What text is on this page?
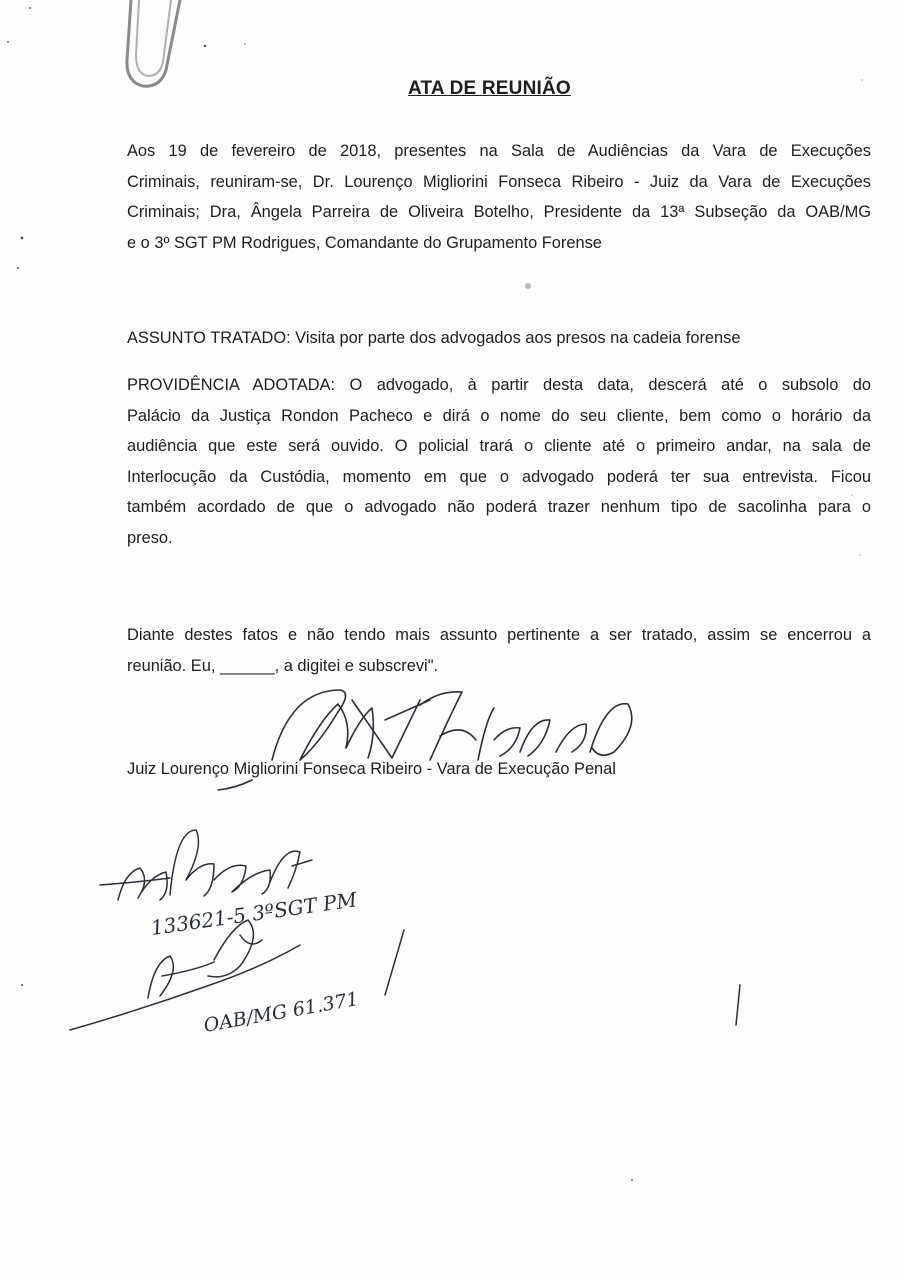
ATA DE REUNIÃO

Aos 19 de fevereiro de 2018, presentes na Sala de Audiências da Vara de Execuções
Criminais, reuniram-se, Dr. Lourenço Migliorini Fonseca Ribeiro - Juiz da Vara de Execuções
Criminais; Dra, Ângela Parreira de Oliveira Botelho, Presidente da 13ª Subseção da OAB/MG
e o 3º SGT PM Rodrigues, Comandante do Grupamento Forense

ASSUNTO TRATADO: Visita por parte dos advogados aos presos na cadeia forense

PROVIDÊNCIA ADOTADA: O advogado, à partir desta data, descerá até o subsolo do
Palácio da Justiça Rondon Pacheco e dirá o nome do seu cliente, bem como o horário da
audiência que este será ouvido. O policial trará o cliente até o primeiro andar, na sala de
Interlocução da Custódia, momento em que o advogado poderá ter sua entrevista. Ficou
também acordado de que o advogado não poderá trazer nenhum tipo de sacolinha para o
preso.

Diante destes fatos e não tendo mais assunto pertinente a ser tratado, assim se encerrou a
reunião. Eu, ______, a digitei e subscrevi".

Juiz Lourenço Migliorini Fonseca Ribeiro - Vara de Execução Penal
133621-5 3ºSGT PM
OAB/MG 61.371
